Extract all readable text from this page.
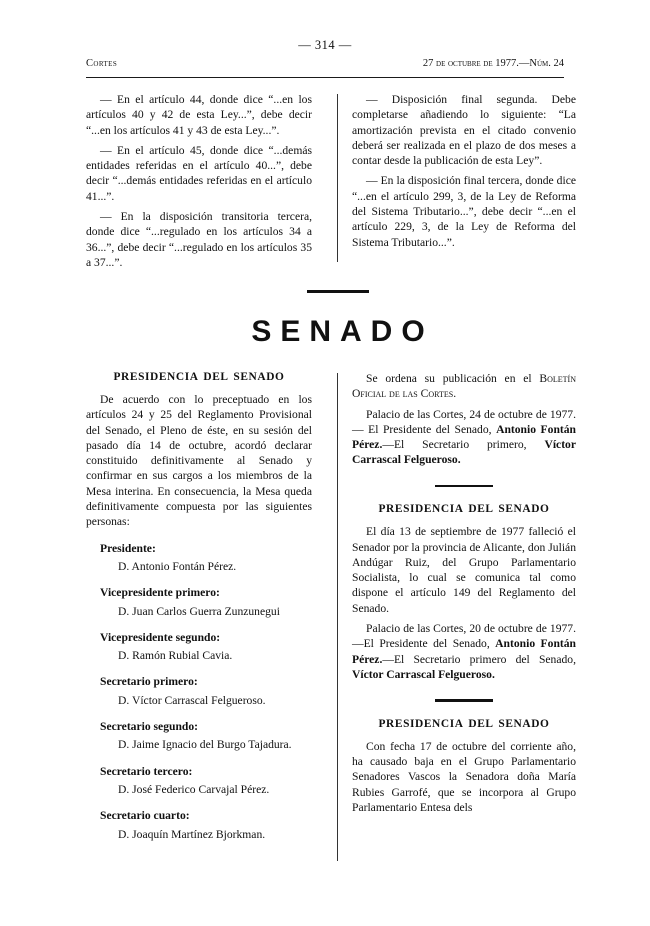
— 314 —
Cortes	27 de octubre de 1977.—Núm. 24

— En el artículo 44, donde dice “...en los artículos 40 y 42 de esta Ley...”, debe decir “...en los artículos 41 y 43 de esta Ley...”.

— En el artículo 45, donde dice “...demás entidades referidas en el artículo 40...”, debe decir “...demás entidades referidas en el artículo 41...”.

— En la disposición transitoria tercera, donde dice “...regulado en los artículos 34 a 36...”, debe decir “...regulado en los artículos 35 a 37...”.

— Disposición final segunda. Debe completarse añadiendo lo siguiente: “La amortización prevista en el citado convenio deberá ser realizada en el plazo de dos meses a contar desde la publicación de esta Ley”.

— En la disposición final tercera, donde dice “...en el artículo 299, 3, de la Ley de Reforma del Sistema Tributario...”, debe decir “...en el artículo 229, 3, de la Ley de Reforma del Sistema Tributario...”.

SENADO
PRESIDENCIA DEL SENADO

De acuerdo con lo preceptuado en los artículos 24 y 25 del Reglamento Provisional del Senado, el Pleno de éste, en su sesión del pasado día 14 de octubre, acordó declarar constituido definitivamente al Senado y confirmar en sus cargos a los miembros de la Mesa interina. En consecuencia, la Mesa queda definitivamente compuesta por las siguientes personas:

Presidente:

D. Antonio Fontán Pérez.

Vicepresidente primero:

D. Juan Carlos Guerra Zunzunegui

Vicepresidente segundo:

D. Ramón Rubial Cavia.

Secretario primero:

D. Víctor Carrascal Felgueroso.

Secretario segundo:

D. Jaime Ignacio del Burgo Tajadura.

Secretario tercero:

D. José Federico Carvajal Pérez.

Secretario cuarto:

D. Joaquín Martínez Bjorkman.

Se ordena su publicación en el Boletín Oficial de las Cortes.

Palacio de las Cortes, 24 de octubre de 1977. — El Presidente del Senado, Antonio Fontán Pérez.—El Secretario primero, Víctor Carrascal Felgueroso.

PRESIDENCIA DEL SENADO

El día 13 de septiembre de 1977 falleció el Senador por la provincia de Alicante, don Julián Andúgar Ruiz, del Grupo Parlamentario Socialista, lo cual se comunica tal como dispone el artículo 149 del Reglamento del Senado.

Palacio de las Cortes, 20 de octubre de 1977.—El Presidente del Senado, Antonio Fontán Pérez.—El Secretario primero del Senado, Víctor Carrascal Felgueroso.

PRESIDENCIA DEL SENADO

Con fecha 17 de octubre del corriente año, ha causado baja en el Grupo Parlamentario Senadores Vascos la Senadora doña María Rubies Garrofé, que se incorpora al Grupo Parlamentario Entesa dels
